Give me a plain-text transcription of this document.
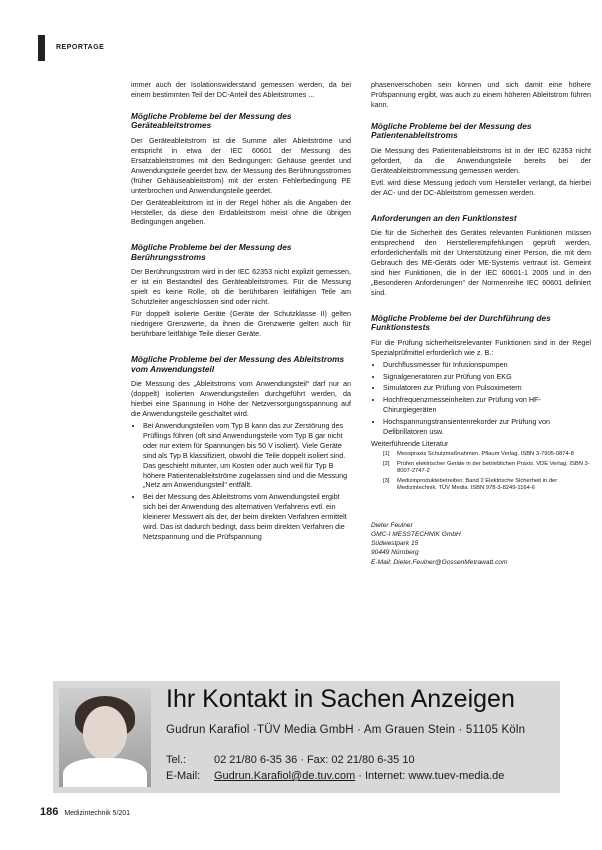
REPORTAGE

immer auch der Isolationswiderstand gemessen werden, da bei einem bestimmten Teil der DC-Anteil des Ableitstromes ...

Mögliche Probleme bei der Messung des Geräteableitstromes

Der Geräteableitstrom ist die Summe aller Ableitströme und entspricht in etwa der IEC 60601 der Messung des Ersatzableitstromes mit den Bedingungen: Gehäuse geerdet und Anwendungsteile geerdet bzw. der Messung des Berührungsstromes (früher Gehäuseableitstrom) mit der ersten Fehlerbedingung PE unterbrochen und Anwendungsteile geerdet.

Der Geräteableitstrom ist in der Regel höher als die Angaben der Hersteller, da diese den Erdableitstrom meist ohne die übrigen Bedingungen angeben.

Mögliche Probleme bei der Messung des Berührungsstroms

Der Berührungsstrom wird in der IEC 62353 nicht explizit gemessen, er ist ein Bestandteil des Geräteableitstromes. Für die Messung spielt es keine Rolle, ob die berührbaren leitfähigen Teile am Schutzleiter angeschlossen sind oder nicht.

Für doppelt isolierte Geräte (Geräte der Schutzklasse II) gelten niedrigere Grenzwerte, da ihnen die Grenzwerte gelten auch für berührbare leitfähige Teile dieser Geräte.

Mögliche Probleme bei der Messung des Ableitstroms vom Anwendungsteil

Die Messung des „Ableitstroms vom Anwendungsteil“ darf nur an (doppelt) isolierten Anwendungsteilen durchgeführt werden, da hierbei eine Spannung in Höhe der Netzversorgungsspannung auf die Anwendungsteile geschaltet wird.

• Bei Anwendungsteilen vom Typ B kann das zur Zerstörung des Prüflings führen (oft sind Anwendungsteile vom Typ B gar nicht oder nur extern für Spannungen bis 50 V isoliert). Viele Geräte sind als Typ B klassifiziert, obwohl die Teile doppelt isoliert sind. Das geschieht mitunter, um Kosten oder auch weil für Typ B höhere Patientenableitströme zugelassen sind und die Messung „Netz am Anwendungsteil“ entfällt.
• Bei der Messung des Ableitstroms vom Anwendungsteil ergibt sich bei der Anwendung des alternativen Verfahrens evtl. ein kleinerer Messwert als der, der beim direkten Verfahren ermittelt wird. Das ist dadurch bedingt, dass beim direkten Verfahren die Netzspannung und die Prüfspannung

phasenverschoben sein können und sich damit eine höhere Prüfspannung ergibt, was auch zu einem höheren Ableitstrom führen kann.

Mögliche Probleme bei der Messung des Patientenableitstroms

Die Messung des Patientenableitstroms ist in der IEC 62353 nicht gefordert, da die Anwendungsteile bereits bei der Geräteableitstrommessung gemessen werden.

Evtl. wird diese Messung jedoch vom Hersteller verlangt, da hierbei der AC- und der DC-Ableitstrom gemessen werden.

Anforderungen an den Funktionstest

Die für die Sicherheit des Gerätes relevanten Funktionen müssen entsprechend den Herstellerempfehlungen geprüft werden, erforderlichenfalls mit der Unterstützung einer Person, die mit dem Gebrauch des ME-Geräts oder ME-Systems vertraut ist. Gemeint sind hier Funktionen, die in der IEC 60601-1 2005 und in den „Besonderen Anforderungen“ der Normenreihe IEC 60601 definiert sind.

Mögliche Probleme bei der Durchführung des Funktionstests

Für die Prüfung sicherheitsrelevanter Funktionen sind in der Regel Spezialprüfmittel erforderlich wie z. B.:

• Durchflussmesser für Infusionspumpen
• Signalgeneratoren zur Prüfung von EKG
• Simulatoren zur Prüfung von Pulsoximetern
• Hochfrequenzmesseinheiten zur Prüfung von HF-Chirurgiegeräten
• Hochspannungstransientenrekorder zur Prüfung von Defibrillatoren usw.

Weiterführende Literatur

[1]	Messpraxis Schutzmaßnahmen. Pflaum Verlag. ISBN 3-7905-0874-8
[2]	Prüfen elektrischer Geräte in der betrieblichen Praxis. VDE Verlag. ISBN 3-8007-2747-2
[3]	Medizinproduktebetreiber, Band 2 Elektrische Sicherheit in der Medizintechnik. TÜV Media. ISBN 978-3-8249-1164-6
Dieter Feulner
GMC-I MESSTECHNIK GmbH
Südwestpark 15
90449 Nürnberg
E-Mail: Dieter.Feulner@GossenMetrawatt.com
Ihr Kontakt in Sachen Anzeigen
Gudrun Karafiol ·TÜV Media GmbH · Am Grauen Stein · 51105 Köln
Tel.:	02 21/80 6-35 36 · Fax: 02 21/80 6-35 10
E-Mail: Gudrun.Karafiol@de.tuv.com · Internet: www.tuev-media.de
186 Medizintechnik 5/201
